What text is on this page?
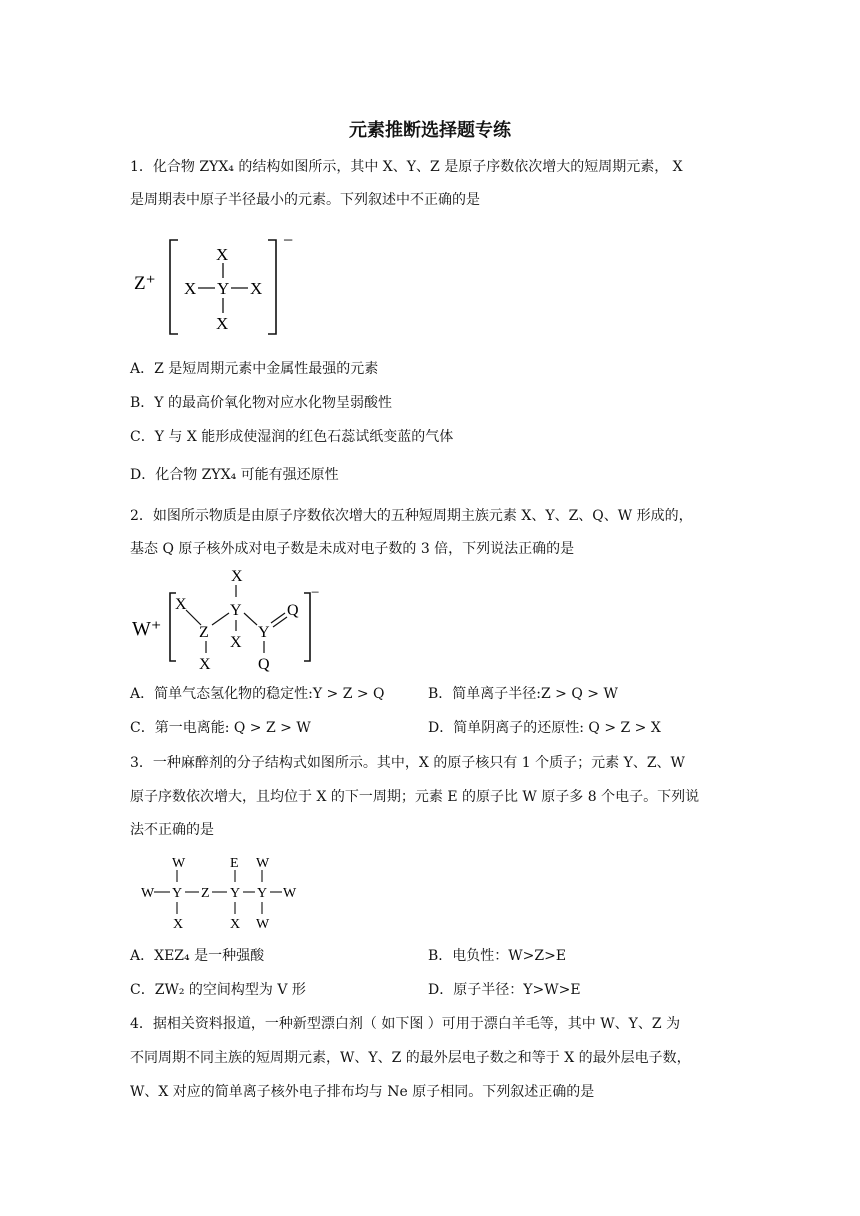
元素推断选择题专练
1．化合物 ZYX₄ 的结构如图所示，其中 X、Y、Z 是原子序数依次增大的短周期元素， X
是周期表中原子半径最小的元素。下列叙述中不正确的是
Z⁺
−
X
X Y X
X
A．Z 是短周期元素中金属性最强的元素
B．Y 的最高价氧化物对应水化物呈弱酸性
C．Y 与 X 能形成使湿润的红色石蕊试纸变蓝的气体
D．化合物 ZYX₄ 可能有强还原性
2．如图所示物质是由原子序数依次增大的五种短周期主族元素 X、Y、Z、Q、W 形成的，
基态 Q 原子核外成对电子数是未成对电子数的 3 倍，下列说法正确的是
W⁺
−
X
X	Y
Z
X
X
Y
Q
Q
A．简单气态氢化物的稳定性:Y > Z > Q	B．简单离子半径:Z > Q > W
C．第一电离能: Q > Z > W	D．简单阴离子的还原性: Q > Z > X
3．一种麻醉剂的分子结构式如图所示。其中，X 的原子核只有 1 个质子；元素 Y、Z、W
原子序数依次增大，且均位于 X 的下一周期；元素 E 的原子比 W 原子多 8 个电子。下列说
法不正确的是
W
W
Y
X
Z
E
Y
X
W
Y
W
W
A．XEZ₄ 是一种强酸	B．电负性：W>Z>E
C．ZW₂ 的空间构型为 V 形	D．原子半径：Y>W>E
4．据相关资料报道，一种新型漂白剂（ 如下图 ）可用于漂白羊毛等，其中 W、Y、Z 为
不同周期不同主族的短周期元素，W、Y、Z 的最外层电子数之和等于 X 的最外层电子数，
W、X 对应的简单离子核外电子排布均与 Ne 原子相同。下列叙述正确的是
